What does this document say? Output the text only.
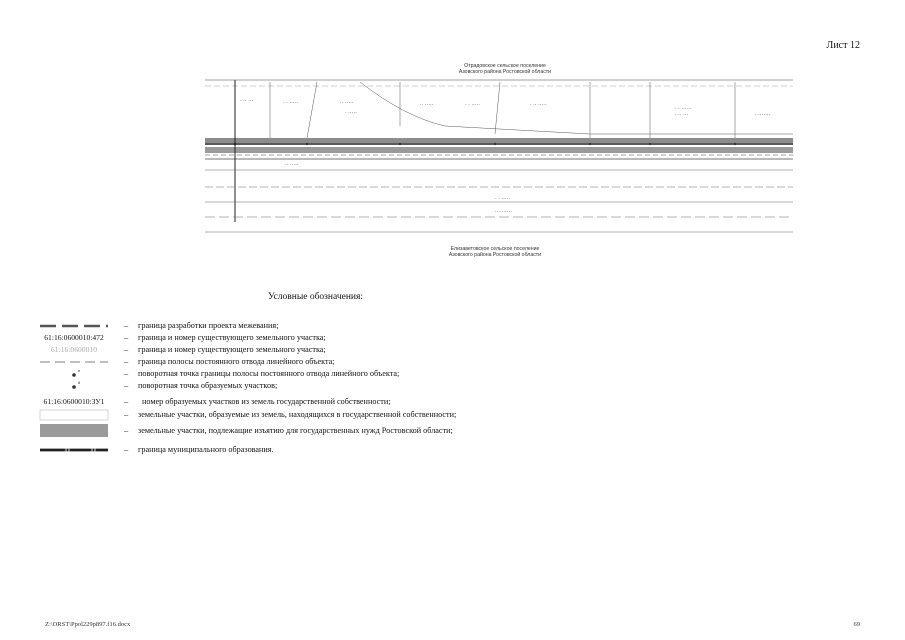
Лист 12
Отрадовское сельское поселение
Азовского района Ростовской области
· ·· ···	· · ·····	·· ·····
· ·····
·· ·····	· · ·····	· ·· ·····
· · ······
· ·· ···	· ·······
· · ·····
·· ·······
·· ·····
Елизаветовское сельское поселение
Азовского района Ростовской области
Условные обозначения:
– граница разработки проекта межевания;
61:16:0600010:472	– граница и номер существующего земельного участка;
61:16:0600010	– граница и номер существующего земельного участка;
– граница полосы постоянного отвода линейного объекта;
н	– поворотная точка границы полосы постоянного отвода линейного объекта;
8	– поворотная точка образуемых участков;
61:16:0600010:ЗУ1	– номер образуемых участков из земель государственной собственности;
– земельные участки, образуемые из земель, находящихся в государственной собственности;
– земельные участки, подлежащие изъятию для государственных нужд Ростовской области;
– граница муниципального образования.
Z:\ORST\Ppol229p897.f16.docx	69
